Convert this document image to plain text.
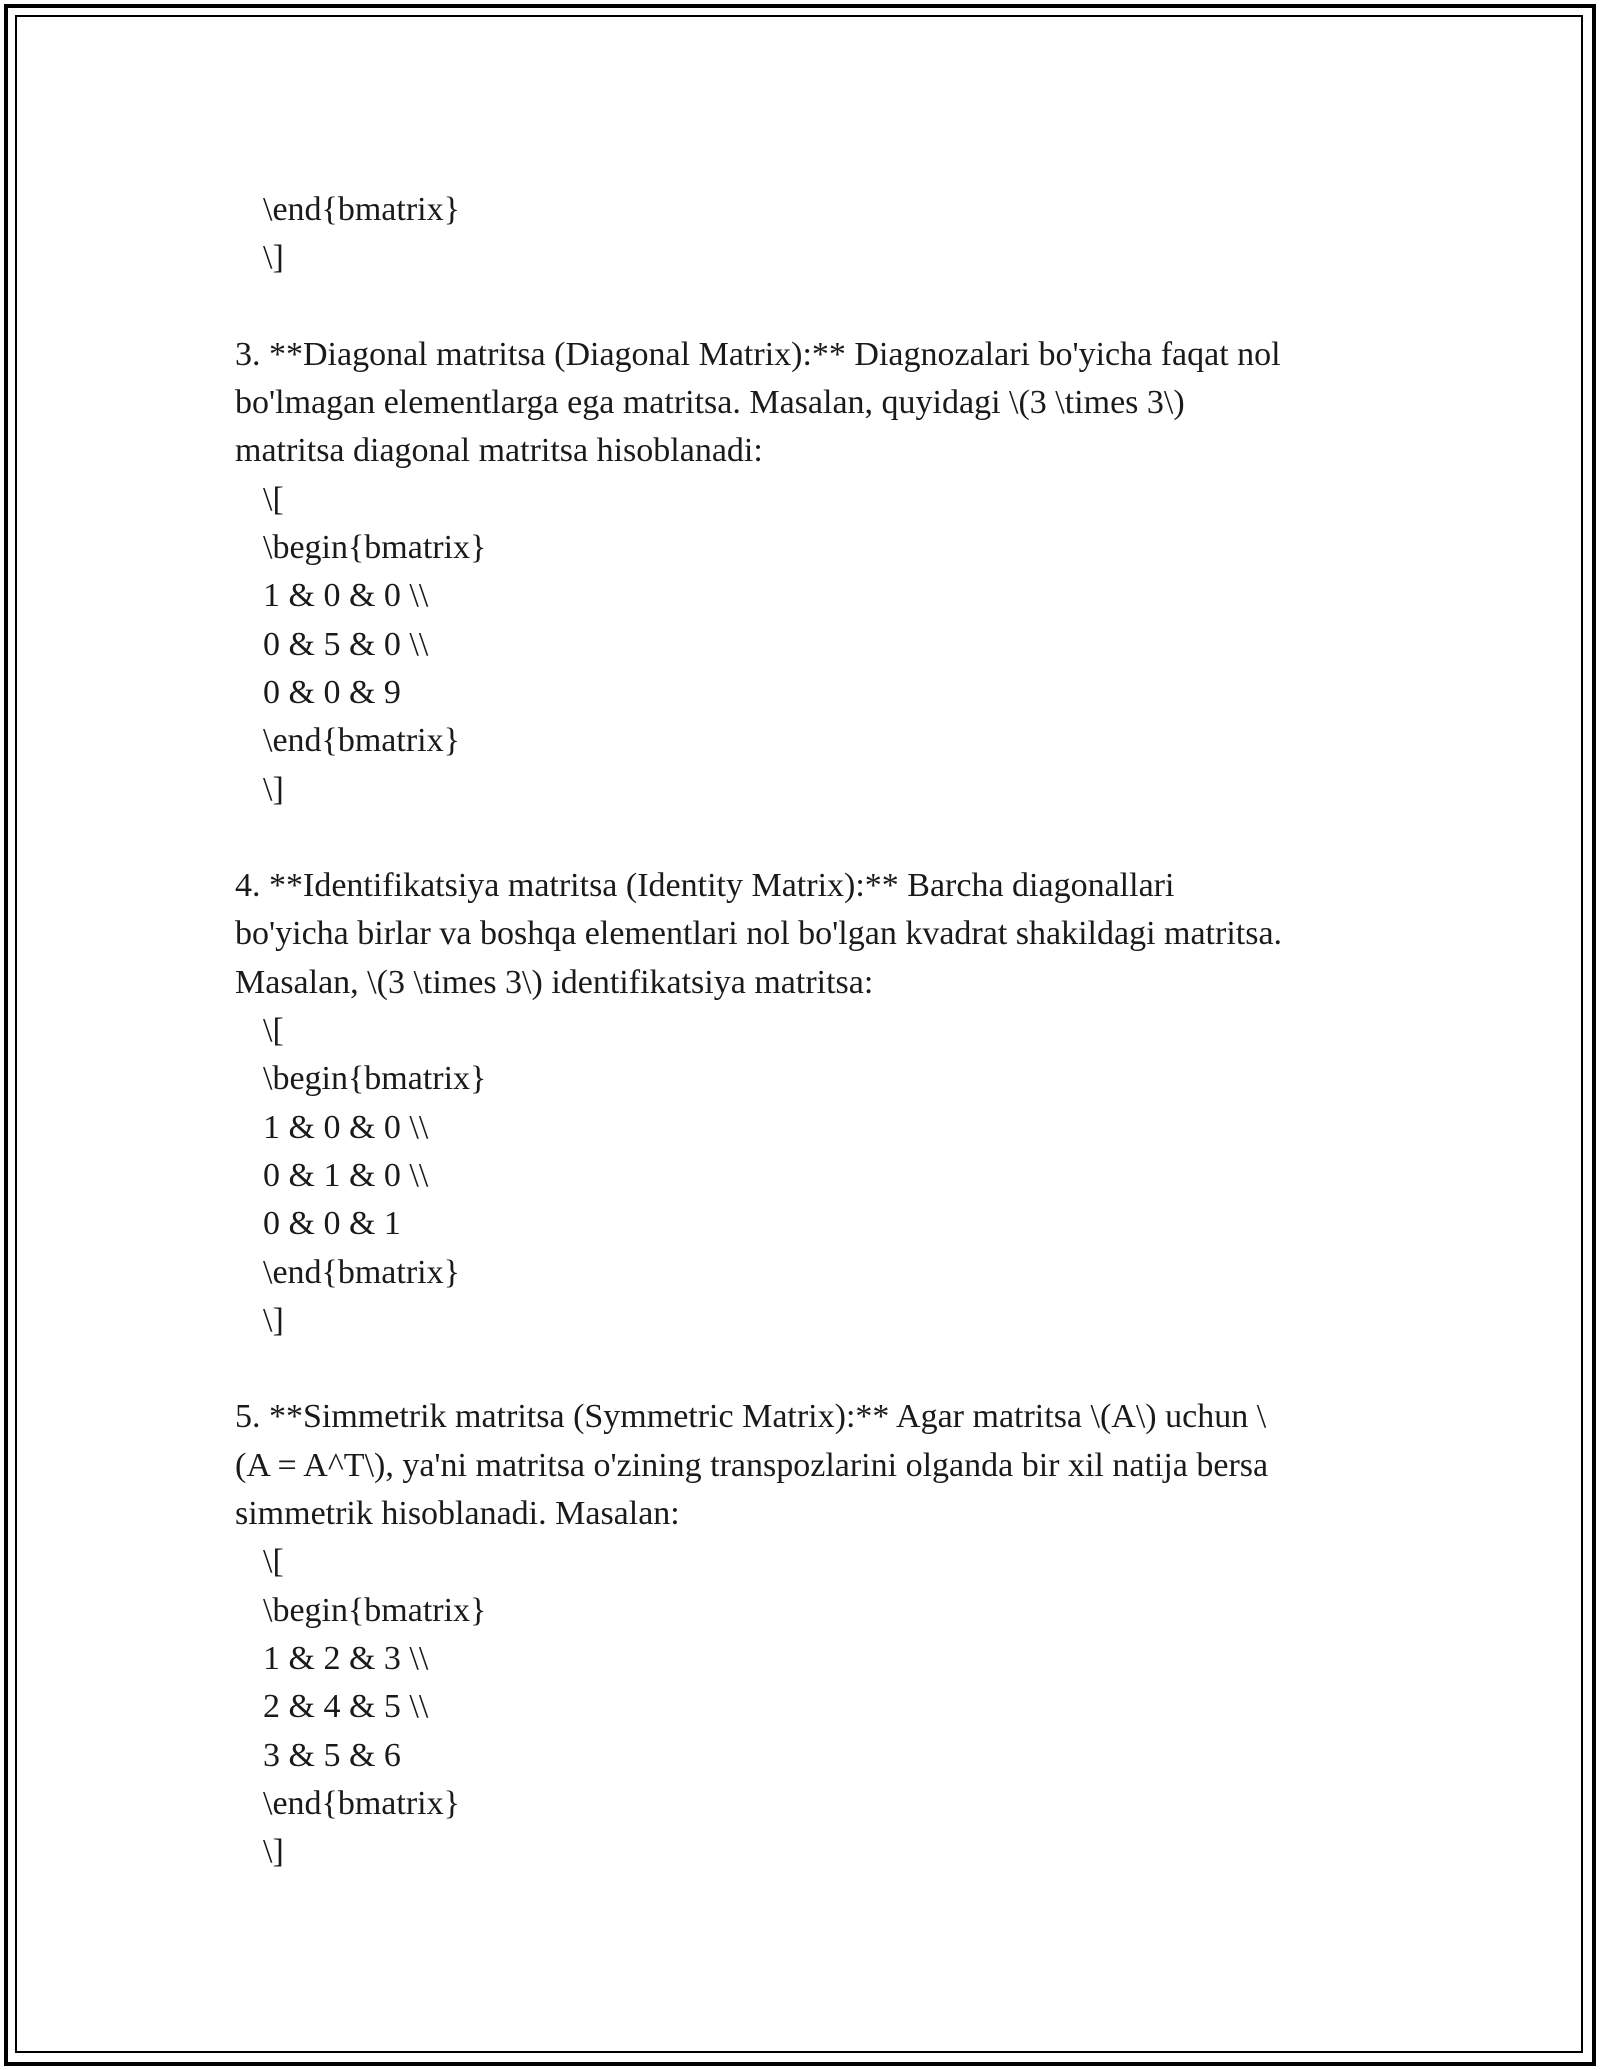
\end{bmatrix}
\]
3. **Diagonal matritsa (Diagonal Matrix):** Diagnozalari bo'yicha faqat nol
bo'lmagan elementlarga ega matritsa. Masalan, quyidagi \(3 \times 3\)
matritsa diagonal matritsa hisoblanadi:
\[
\begin{bmatrix}
1 & 0 & 0 \\
0 & 5 & 0 \\
0 & 0 & 9
\end{bmatrix}
\]
4. **Identifikatsiya matritsa (Identity Matrix):** Barcha diagonallari
bo'yicha birlar va boshqa elementlari nol bo'lgan kvadrat shakildagi matritsa.
Masalan, \(3 \times 3\) identifikatsiya matritsa:
\[
\begin{bmatrix}
1 & 0 & 0 \\
0 & 1 & 0 \\
0 & 0 & 1
\end{bmatrix}
\]
5. **Simmetrik matritsa (Symmetric Matrix):** Agar matritsa \(A\) uchun \
(A = A^T\), ya'ni matritsa o'zining transpozlarini olganda bir xil natija bersa
simmetrik hisoblanadi. Masalan:
\[
\begin{bmatrix}
1 & 2 & 3 \\
2 & 4 & 5 \\
3 & 5 & 6
\end{bmatrix}
\]
